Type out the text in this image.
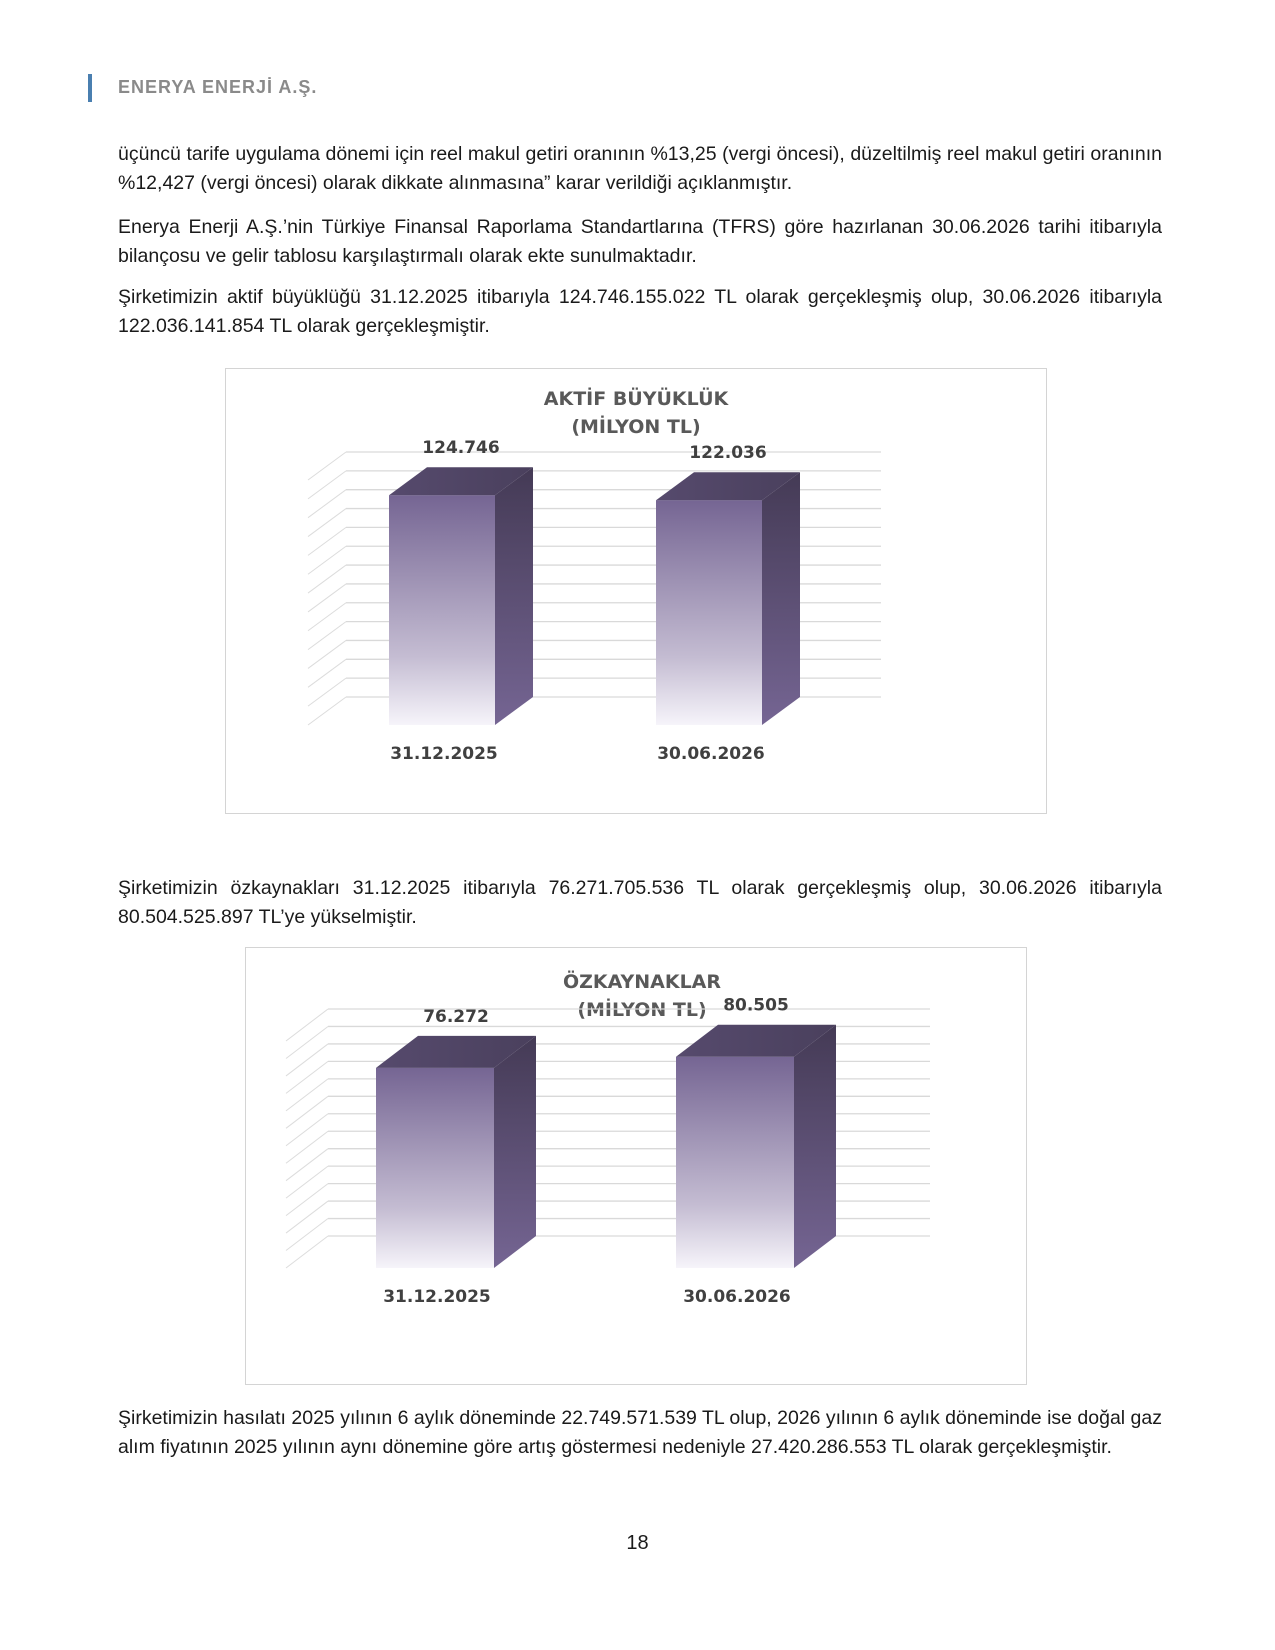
ENERYA ENERJİ A.Ş.

üçüncü tarife uygulama dönemi için reel makul getiri oranının %13,25 (vergi öncesi), düzeltilmiş reel makul getiri oranının %12,427 (vergi öncesi) olarak dikkate alınmasına” karar verildiği açıklanmıştır.

Enerya Enerji A.Ş.’nin Türkiye Finansal Raporlama Standartlarına (TFRS) göre hazırlanan 30.06.2026 tarihi itibarıyla bilançosu ve gelir tablosu karşılaştırmalı olarak ekte sunulmaktadır.

Şirketimizin aktif büyüklüğü 31.12.2025 itibarıyla 124.746.155.022 TL olarak gerçekleşmiş olup, 30.06.2026 itibarıyla 122.036.141.854 TL olarak gerçekleşmiştir.

AKTİF BÜYÜKLÜK
(MİLYON TL)
124.746
31.12.2025
122.036
30.06.2026

Şirketimizin özkaynakları 31.12.2025 itibarıyla 76.271.705.536 TL olarak gerçekleşmiş olup, 30.06.2026 itibarıyla 80.504.525.897 TL’ye yükselmiştir.

ÖZKAYNAKLAR
(MİLYON TL)
76.272
31.12.2025
80.505
30.06.2026

Şirketimizin hasılatı 2025 yılının 6 aylık döneminde 22.749.571.539 TL olup, 2026 yılının 6 aylık döneminde ise doğal gaz alım fiyatının 2025 yılının aynı dönemine göre artış göstermesi nedeniyle 27.420.286.553 TL olarak gerçekleşmiştir.

18
